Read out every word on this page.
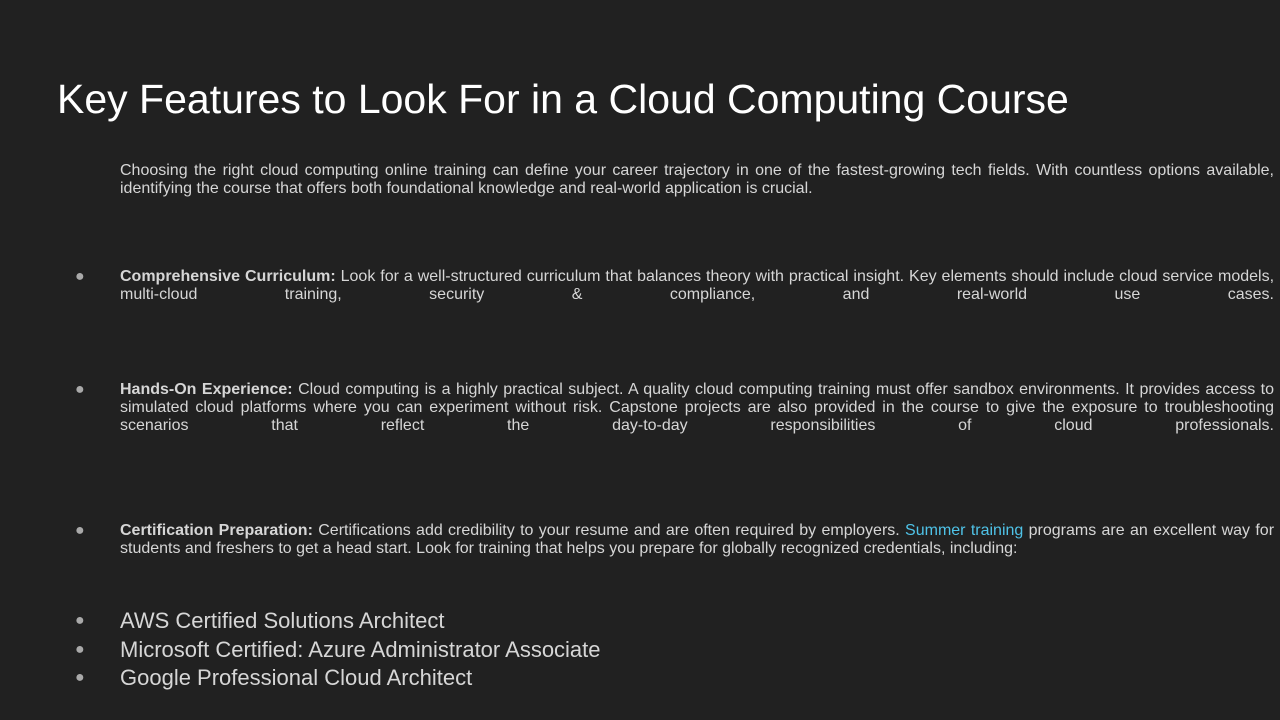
Key Features to Look For in a Cloud Computing Course

Choosing the right cloud computing online training can define your career trajectory in one of the fastest-growing tech fields. With countless options available, identifying the course that offers both foundational knowledge and real-world application is crucial.

● Comprehensive Curriculum: Look for a well-structured curriculum that balances theory with practical insight. Key elements should include cloud service models, multi-cloud training, security & compliance, and real-world use cases.
● Hands-On Experience: Cloud computing is a highly practical subject. A quality cloud computing training must offer sandbox environments. It provides access to simulated cloud platforms where you can experiment without risk. Capstone projects are also provided in the course to give the exposure to troubleshooting scenarios that reflect the day-to-day responsibilities of cloud professionals.
● Certification Preparation: Certifications add credibility to your resume and are often required by employers. Summer training programs are an excellent way for students and freshers to get a head start. Look for training that helps you prepare for globally recognized credentials, including:
● AWS Certified Solutions Architect
● Microsoft Certified: Azure Administrator Associate
● Google Professional Cloud Architect
